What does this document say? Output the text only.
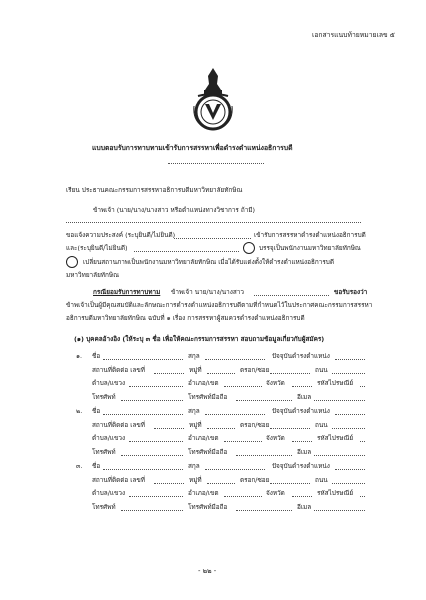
เอกสารแนบท้ายหมายเลข ๕
แบบตอบรับการทาบทามเข้ารับการสรรหาเพื่อดำรงตำแหน่งอธิการบดี
เรียน ประธานคณะกรรมการสรรหาอธิการบดีมหาวิทยาลัยทักษิณ
ข้าพเจ้า (นาย/นาง/นางสาว หรือตำแหน่งทางวิชาการ ถ้ามี)
ขอแจ้งความประสงค์ (ระบุยินดี/ไม่ยินดี)	เข้ารับการสรรหาดำรงตำแหน่งอธิการบดี
และ(ระบุยินดี/ไม่ยินดี)	บรรจุเป็นพนักงานมหาวิทยาลัยทักษิณ
เปลี่ยนสถานภาพเป็นพนักงานมหาวิทยาลัยทักษิณ เมื่อได้รับแต่งตั้งให้ดำรงตำแหน่งอธิการบดี
มหาวิทยาลัยทักษิณ
กรณียอมรับการทาบทาม ข้าพเจ้า นาย/นาง/นางสาว	ขอรับรองว่า
ข้าพเจ้าเป็นผู้มีคุณสมบัติและลักษณะการดำรงตำแหน่งอธิการบดีตามที่กำหนดไว้ในประกาศคณะกรรมการสรรหา
อธิการบดีมหาวิทยาลัยทักษิณ ฉบับที่ ๑ เรื่อง การสรรหาผู้สมควรดำรงตำแหน่งอธิการบดี
(๑) บุคคลอ้างอิง (ให้ระบุ ๓ ชื่อ เพื่อให้คณะกรรมการสรรหา สอบถามข้อมูลเกี่ยวกับผู้สมัคร)
๑. ชื่อ	สกุล	ปัจจุบันดำรงตำแหน่ง
สถานที่ติดต่อ เลขที่	หมู่ที่	ตรอก/ซอย	ถนน
ตำบล/แขวง	อำเภอ/เขต	จังหวัด	รหัสไปรษณีย์
โทรศัพท์	โทรศัพท์มือถือ	อีเมล
๒. ชื่อ	สกุล	ปัจจุบันดำรงตำแหน่ง
สถานที่ติดต่อ เลขที่	หมู่ที่	ตรอก/ซอย	ถนน
ตำบล/แขวง	อำเภอ/เขต	จังหวัด	รหัสไปรษณีย์
โทรศัพท์	โทรศัพท์มือถือ	อีเมล
๓. ชื่อ	สกุล	ปัจจุบันดำรงตำแหน่ง
สถานที่ติดต่อ เลขที่	หมู่ที่	ตรอก/ซอย	ถนน
ตำบล/แขวง	อำเภอ/เขต	จังหวัด	รหัสไปรษณีย์
โทรศัพท์	โทรศัพท์มือถือ	อีเมล
- ๒๒ -
